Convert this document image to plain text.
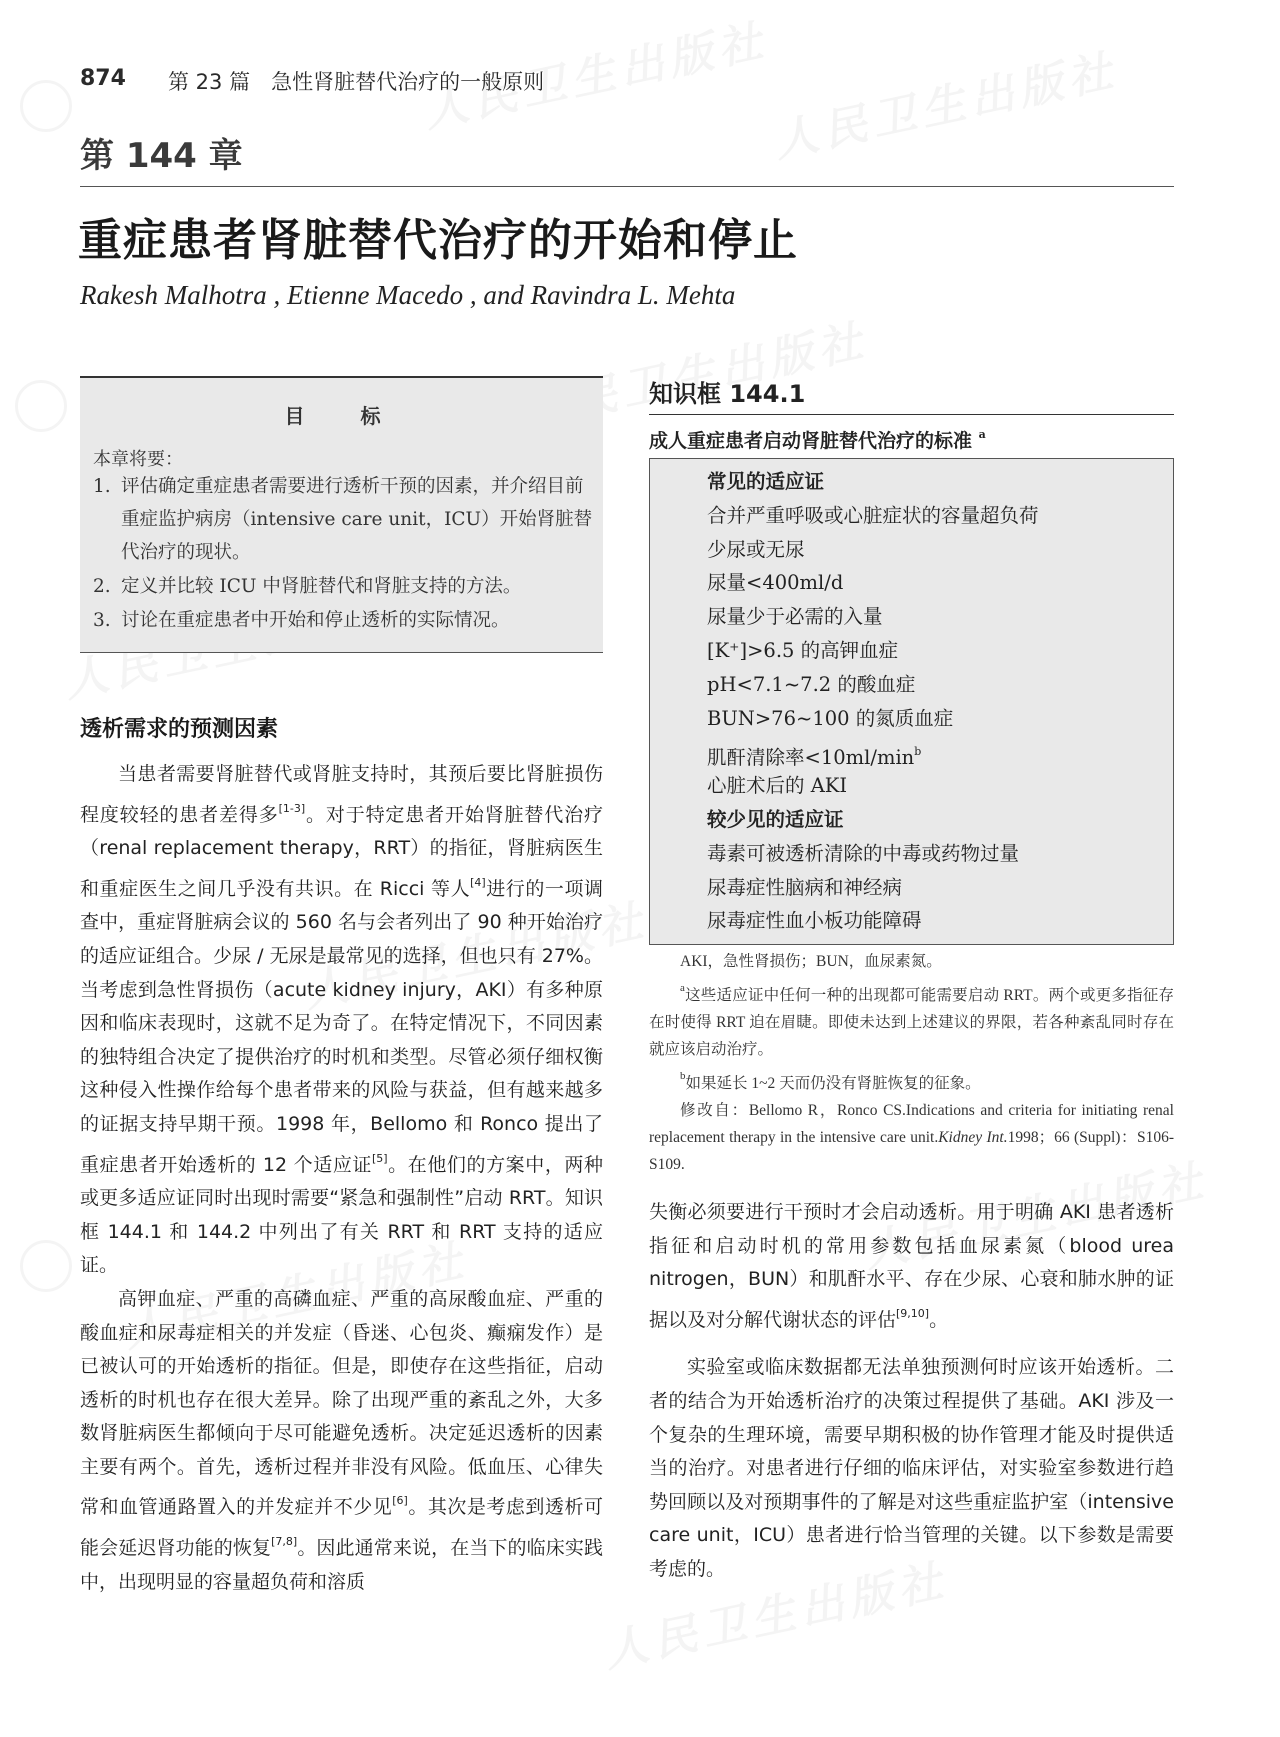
874 第 23 篇　急性肾脏替代治疗的一般原则
第 144 章
重症患者肾脏替代治疗的开始和停止
Rakesh Malhotra , Etienne Macedo , and Ravindra L. Mehta
目　标
本章将要：
1. 评估确定重症患者需要进行透析干预的因素，并介绍目前重症监护病房（intensive care unit，ICU）开始肾脏替代治疗的现状。
2. 定义并比较 ICU 中肾脏替代和肾脏支持的方法。
3. 讨论在重症患者中开始和停止透析的实际情况。
透析需求的预测因素

当患者需要肾脏替代或肾脏支持时，其预后要比肾脏损伤程度较轻的患者差得多[1-3]。对于特定患者开始肾脏替代治疗（renal replacement therapy，RRT）的指征，肾脏病医生和重症医生之间几乎没有共识。在 Ricci 等人[4]进行的一项调查中，重症肾脏病会议的 560 名与会者列出了 90 种开始治疗的适应证组合。少尿 / 无尿是最常见的选择，但也只有 27%。当考虑到急性肾损伤（acute kidney injury，AKI）有多种原因和临床表现时，这就不足为奇了。在特定情况下，不同因素的独特组合决定了提供治疗的时机和类型。尽管必须仔细权衡这种侵入性操作给每个患者带来的风险与获益，但有越来越多的证据支持早期干预。1998 年，Bellomo 和 Ronco 提出了重症患者开始透析的 12 个适应证[5]。在他们的方案中，两种或更多适应证同时出现时需要“紧急和强制性”启动 RRT。知识框 144.1 和 144.2 中列出了有关 RRT 和 RRT 支持的适应证。

高钾血症、严重的高磷血症、严重的高尿酸血症、严重的酸血症和尿毒症相关的并发症（昏迷、心包炎、癫痫发作）是已被认可的开始透析的指征。但是，即使存在这些指征，启动透析的时机也存在很大差异。除了出现严重的紊乱之外，大多数肾脏病医生都倾向于尽可能避免透析。决定延迟透析的因素主要有两个。首先，透析过程并非没有风险。低血压、心律失常和血管通路置入的并发症并不少见[6]。其次是考虑到透析可能会延迟肾功能的恢复[7,8]。因此通常来说，在当下的临床实践中，出现明显的容量超负荷和溶质

知识框 144.1
成人重症患者启动肾脏替代治疗的标准 $^a$
常见的适应证
合并严重呼吸或心脏症状的容量超负荷
少尿或无尿
尿量<400ml/d
尿量少于必需的入量
[K⁺]>6.5 的高钾血症
pH<7.1~7.2 的酸血症
BUN>76~100 的氮质血症
肌酐清除率$<10ml/\min^b$
心脏术后的 AKI
较少见的适应证
毒素可被透析清除的中毒或药物过量
尿毒症性脑病和神经病
尿毒症性血小板功能障碍

AKI，急性肾损伤；BUN，血尿素氮。

$^a$这些适应证中任何一种的出现都可能需要启动 RRT。两个或更多指征存在时使得 RRT 迫在眉睫。即使未达到上述建议的界限，若各种紊乱同时存在就应该启动治疗。

$^b$如果延长 1~2 天而仍没有肾脏恢复的征象。

修改自：Bellomo R，Ronco CS.Indications and criteria for initiating renal replacement therapy in the intensive care unit.Kidney Int.1998；66 (Suppl)：S106-S109.

失衡必须要进行干预时才会启动透析。用于明确 AKI 患者透析指征和启动时机的常用参数包括血尿素氮（blood urea nitrogen，BUN）和肌酐水平、存在少尿、心衰和肺水肿的证据以及对分解代谢状态的评估[9,10]。

实验室或临床数据都无法单独预测何时应该开始透析。二者的结合为开始透析治疗的决策过程提供了基础。AKI 涉及一个复杂的生理环境，需要早期积极的协作管理才能及时提供适当的治疗。对患者进行仔细的临床评估，对实验室参数进行趋势回顾以及对预期事件的了解是对这些重症监护室（intensive care unit，ICU）患者进行恰当管理的关键。以下参数是需要考虑的。
